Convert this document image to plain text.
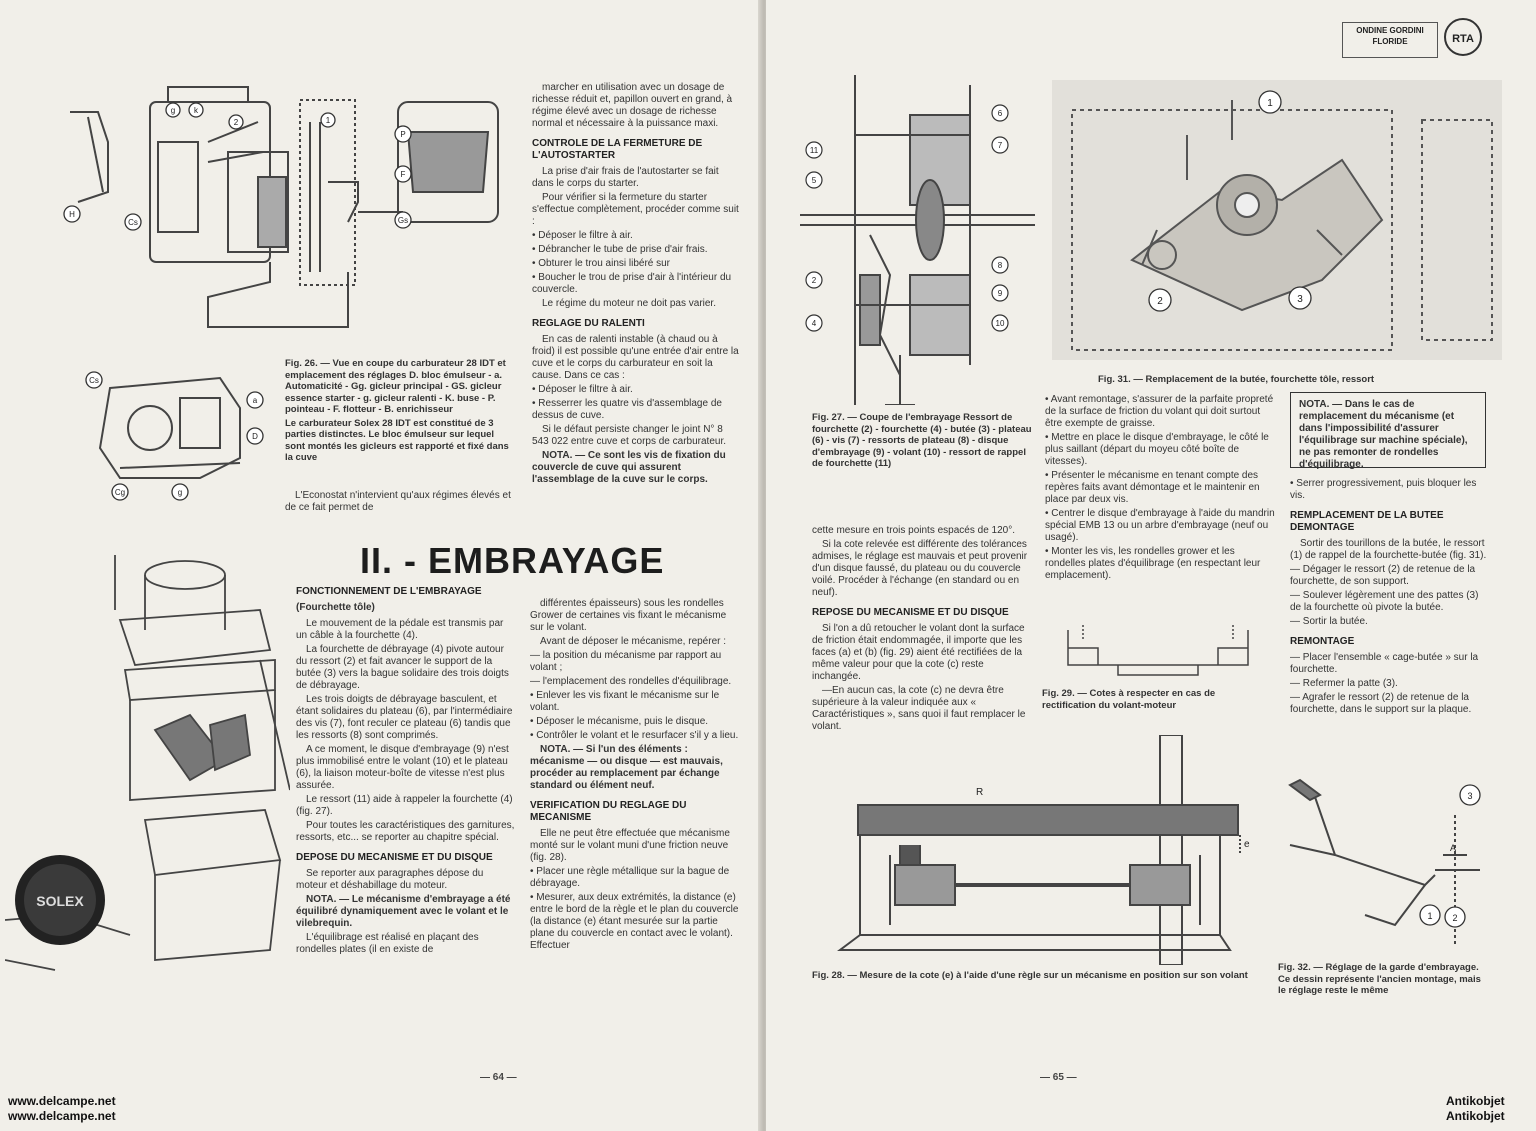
g k
2	1
H
Cs
P
F
Gs
Cs
a
D
Cg	g
Fig. 26. — Vue en coupe du carburateur 28 IDT et emplacement des réglages D. bloc émulseur - a. Automaticité - Gg. gicleur principal - GS. gicleur essence starter - g. gicleur ralenti - K. buse - P. pointeau - F. flotteur - B. enrichisseur
Le carburateur Solex 28 IDT est constitué de 3 parties distinctes. Le bloc émulseur sur lequel sont montés les gicleurs est rapporté et fixé dans la cuve

L'Econostat n'intervient qu'aux régimes élevés et de ce fait permet de

marcher en utilisation avec un dosage de richesse réduit et, papillon ouvert en grand, à régime élevé avec un dosage de richesse normal et nécessaire à la puissance maxi.

CONTROLE DE LA FERMETURE DE L'AUTOSTARTER

La prise d'air frais de l'autostarter se fait dans le corps du starter.

Pour vérifier si la fermeture du starter s'effectue complètement, procéder comme suit :

• Déposer le filtre à air.
• Débrancher le tube de prise d'air frais.
• Obturer le trou ainsi libéré sur
• Boucher le trou de prise d'air à l'intérieur du couvercle.

Le régime du moteur ne doit pas varier.

REGLAGE DU RALENTI

En cas de ralenti instable (à chaud ou à froid) il est possible qu'une entrée d'air entre la cuve et le corps du carburateur en soit la cause. Dans ce cas :

• Déposer le filtre à air.
• Resserrer les quatre vis d'assemblage de dessus de cuve.

Si le défaut persiste changer le joint N° 8 543 022 entre cuve et corps de carburateur.

NOTA. — Ce sont les vis de fixation du couvercle de cuve qui assurent l'assemblage de la cuve sur le corps.

II. - EMBRAYAGE
SOLEX
FONCTIONNEMENT DE L'EMBRAYAGE
(Fourchette tôle)

Le mouvement de la pédale est transmis par un câble à la fourchette (4).

La fourchette de débrayage (4) pivote autour du ressort (2) et fait avancer le support de la butée (3) vers la bague solidaire des trois doigts de débrayage.

Les trois doigts de débrayage basculent, et étant solidaires du plateau (6), par l'intermédiaire des vis (7), font reculer ce plateau (6) tandis que les ressorts (8) sont comprimés.

A ce moment, le disque d'embrayage (9) n'est plus immobilisé entre le volant (10) et le plateau (6), la liaison moteur-boîte de vitesse n'est plus assurée.

Le ressort (11) aide à rappeler la fourchette (4) (fig. 27).

Pour toutes les caractéristiques des garnitures, ressorts, etc... se reporter au chapitre spécial.

DEPOSE DU MECANISME ET DU DISQUE

Se reporter aux paragraphes dépose du moteur et déshabillage du moteur.

NOTA. — Le mécanisme d'embrayage a été équilibré dynamiquement avec le volant et le vilebrequin.

L'équilibrage est réalisé en plaçant des rondelles plates (il en existe de

différentes épaisseurs) sous les rondelles Grower de certaines vis fixant le mécanisme sur le volant.

Avant de déposer le mécanisme, repérer :

— la position du mécanisme par rapport au volant ;
— l'emplacement des rondelles d'équilibrage.
• Enlever les vis fixant le mécanisme sur le volant.
• Déposer le mécanisme, puis le disque.
• Contrôler le volant et le resurfacer s'il y a lieu.

NOTA. — Si l'un des éléments : mécanisme — ou disque — est mauvais, procéder au remplacement par échange standard ou élément neuf.

VERIFICATION DU REGLAGE DU MECANISME

Elle ne peut être effectuée que mécanisme monté sur le volant muni d'une friction neuve (fig. 28).

• Placer une règle métallique sur la bague de débrayage.
• Mesurer, aux deux extrémités, la distance (e) entre le bord de la règle et le plan du couvercle (la distance (e) étant mesurée sur la partie plane du couvercle en contact avec le volant). Effectuer
— 64 —
ONDINE GORDINI FLORIDE	RTA
11
5
6
7
2
8
9
4	10
1
2	3
Fig. 31. — Remplacement de la butée, fourchette tôle, ressort
Fig. 27. — Coupe de l'embrayage Ressort de fourchette (2) - fourchette (4) - butée (3) - plateau (6) - vis (7) - ressorts de plateau (8) - disque d'embrayage (9) - volant (10) - ressort de rappel de fourchette (11)
• Avant remontage, s'assurer de la parfaite propreté de la surface de friction du volant qui doit surtout être exempte de graisse.
• Mettre en place le disque d'embrayage, le côté le plus saillant (départ du moyeu côté boîte de vitesses).
• Présenter le mécanisme en tenant compte des repères faits avant démontage et le maintenir en place par deux vis.
• Centrer le disque d'embrayage à l'aide du mandrin spécial EMB 13 ou un arbre d'embrayage (neuf ou usagé).
• Monter les vis, les rondelles grower et les rondelles plates d'équilibrage (en respectant leur emplacement).
NOTA. — Dans le cas de remplacement du mécanisme (et dans l'impossibilité d'assurer l'équilibrage sur machine spéciale), ne pas remonter de rondelles d'équilibrage.
• Serrer progressivement, puis bloquer les vis.
REMPLACEMENT DE LA BUTEE DEMONTAGE

Sortir des tourillons de la butée, le ressort (1) de rappel de la fourchette-butée (fig. 31).

— Dégager le ressort (2) de retenue de la fourchette, de son support.
— Soulever légèrement une des pattes (3) de la fourchette où pivote la butée.
— Sortir la butée.
REMONTAGE
— Placer l'ensemble « cage-butée » sur la fourchette.
— Refermer la patte (3).
— Agrafer le ressort (2) de retenue de la fourchette, dans le support sur la plaque.

cette mesure en trois points espacés de 120°.

Si la cote relevée est différente des tolérances admises, le réglage est mauvais et peut provenir d'un disque faussé, du plateau ou du couvercle voilé. Procéder à l'échange (en standard ou en neuf).

REPOSE DU MECANISME ET DU DISQUE

Si l'on a dû retoucher le volant dont la surface de friction était endommagée, il importe que les faces (a) et (b) (fig. 29) aient été rectifiées de la même valeur pour que la cote (c) reste inchangée.

—En aucun cas, la cote (c) ne devra être supérieure à la valeur indiquée aux « Caractéristiques », sans quoi il faut remplacer le volant.

Fig. 29. — Cotes à respecter en cas de rectification du volant-moteur
R
e
Fig. 28. — Mesure de la cote (e) à l'aide d'une règle sur un mécanisme en position sur son volant
3
1 2
A
Fig. 32. — Réglage de la garde d'embrayage. Ce dessin représente l'ancien montage, mais le réglage reste le même
— 65 —
www.delcampe.net
www.delcampe.net
Antikobjet
Antikobjet
